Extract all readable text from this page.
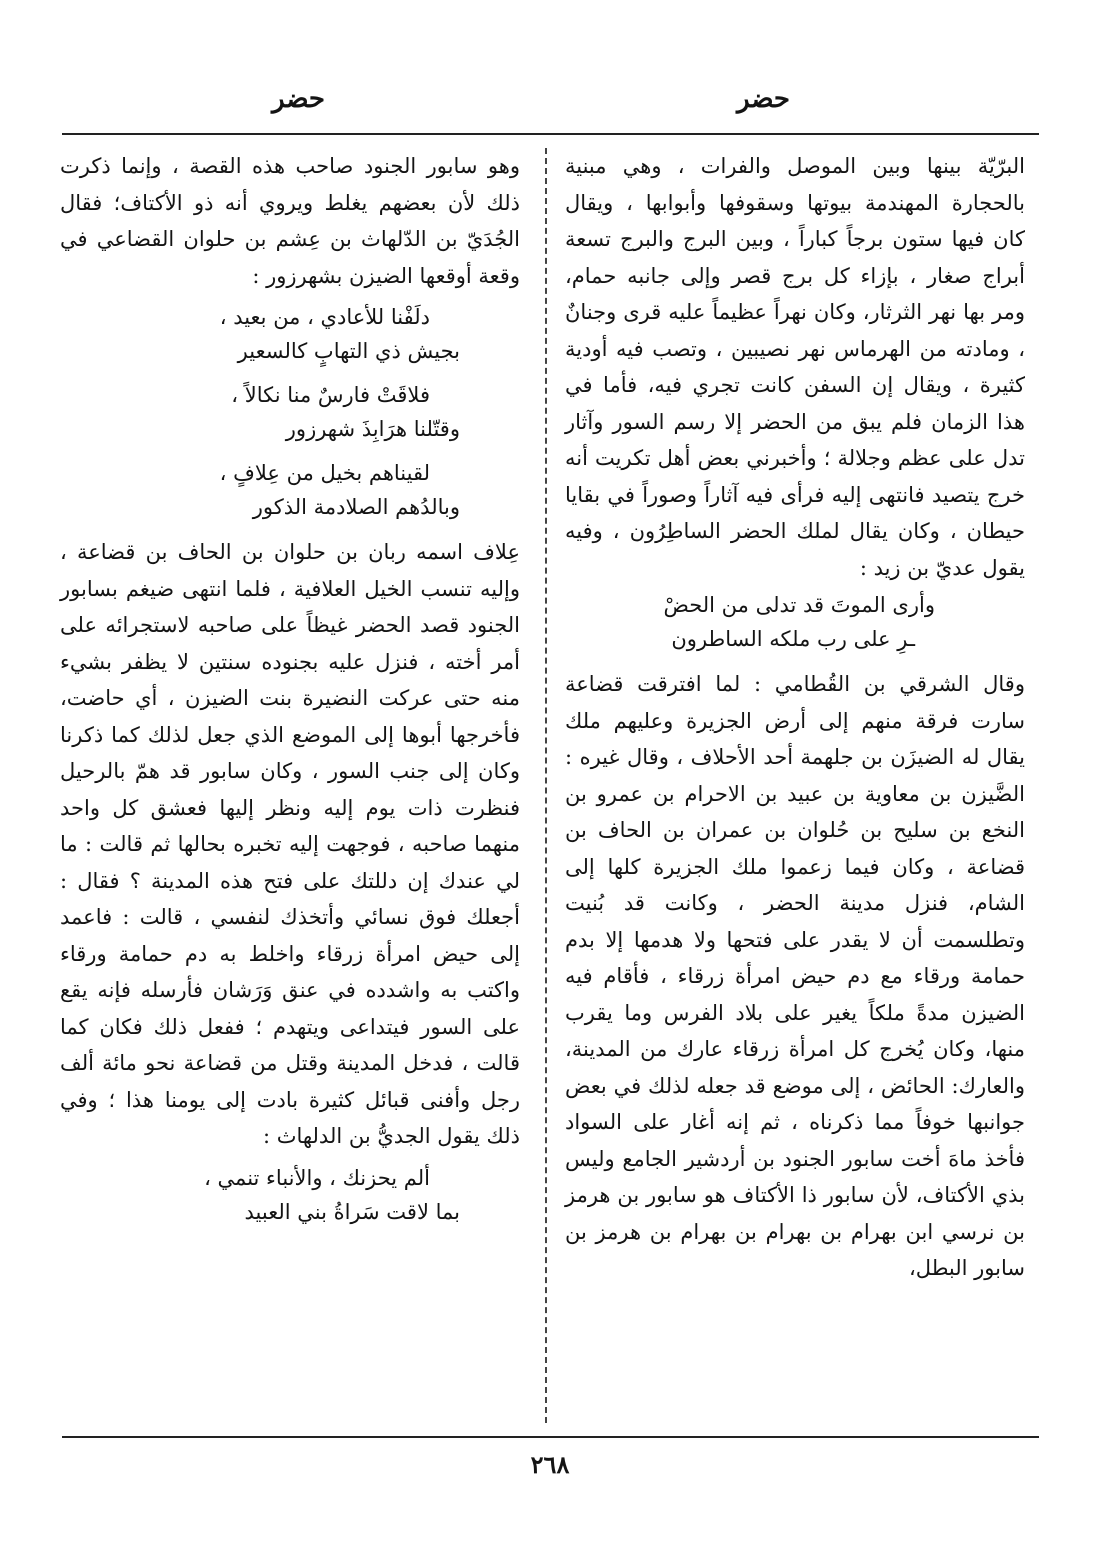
حضر
حضر

البرّيّة بينها وبين الموصل والفرات ، وهي مبنية بالحجارة المهندمة بيوتها وسقوفها وأبوابها ، ويقال كان فيها ستون برجاً كباراً ، وبين البرج والبرج تسعة أبراج صغار ، بإزاء كل برج قصر وإلى جانبه حمام، ومر بها نهر الثرثار، وكان نهراً عظيماً عليه قرى وجنانٌ ، ومادته من الهرماس نهر نصيبين ، وتصب فيه أودية كثيرة ، ويقال إن السفن كانت تجري فيه، فأما في هذا الزمان فلم يبق من الحضر إلا رسم السور وآثار تدل على عظم وجلالة ؛ وأخبرني بعض أهل تكريت أنه خرج يتصيد فانتهى إليه فرأى فيه آثاراً وصوراً في بقايا حيطان ، وكان يقال لملك الحضر الساطِرُون ، وفيه يقول عديّ بن زيد :

وأرى الموتَ قد تدلى من الحضْ
ـرِ على رب ملكه الساطرون

وقال الشرقي بن القُطامي : لما افترقت قضاعة سارت فرقة منهم إلى أرض الجزيرة وعليهم ملك يقال له الضيزَن بن جلهمة أحد الأحلاف ، وقال غيره : الضَّيزن بن معاوية بن عبيد بن الاحرام بن عمرو بن النخع بن سليح بن حُلوان بن عمران بن الحاف بن قضاعة ، وكان فيما زعموا ملك الجزيرة كلها إلى الشام، فنزل مدينة الحضر ، وكانت قد بُنيت وتطلسمت أن لا يقدر على فتحها ولا هدمها إلا بدم حمامة ورقاء مع دم حيض امرأة زرقاء ، فأقام فيه الضيزن مدةً ملكاً يغير على بلاد الفرس وما يقرب منها، وكان يُخرج كل امرأة زرقاء عارك من المدينة، والعارك: الحائض ، إلى موضع قد جعله لذلك في بعض جوانبها خوفاً مما ذكرناه ، ثم إنه أغار على السواد فأخذ ماهَ أخت سابور الجنود بن أردشير الجامع وليس بذي الأكتاف، لأن سابور ذا الأكتاف هو سابور بن هرمز بن نرسي ابن بهرام بن بهرام بن بهرام بن هرمز بن سابور البطل،

وهو سابور الجنود صاحب هذه القصة ، وإنما ذكرت ذلك لأن بعضهم يغلط ويروي أنه ذو الأكتاف؛ فقال الجُدَيّ بن الدّلهاث بن عِشم بن حلوان القضاعي في وقعة أوقعها الضيزن بشهرزور :

دلَفْنا للأعادي ، من بعيد ،
بجيش ذي التهابٍ كالسعير
فلاقَتْ فارسٌ منا نكالاً ،
وقتّلنا هرَابِذَ شهرزور
لقيناهم بخيل من عِلافٍ ،
وبالدُهم الصلادمة الذكور

عِلاف اسمه ربان بن حلوان بن الحاف بن قضاعة ، وإليه تنسب الخيل العلافية ، فلما انتهى ضيغم بسابور الجنود قصد الحضر غيظاً على صاحبه لاستجرائه على أمر أخته ، فنزل عليه بجنوده سنتين لا يظفر بشيء منه حتى عركت النضيرة بنت الضيزن ، أي حاضت، فأخرجها أبوها إلى الموضع الذي جعل لذلك كما ذكرنا وكان إلى جنب السور ، وكان سابور قد همّ بالرحيل فنظرت ذات يوم إليه ونظر إليها فعشق كل واحد منهما صاحبه ، فوجهت إليه تخبره بحالها ثم قالت : ما لي عندك إن دللتك على فتح هذه المدينة ؟ فقال : أجعلك فوق نسائي وأتخذك لنفسي ، قالت : فاعمد إلى حيض امرأة زرقاء واخلط به دم حمامة ورقاء واكتب به واشدده في عنق وَرَشان فأرسله فإنه يقع على السور فيتداعى ويتهدم ؛ ففعل ذلك فكان كما قالت ، فدخل المدينة وقتل من قضاعة نحو مائة ألف رجل وأفنى قبائل كثيرة بادت إلى يومنا هذا ؛ وفي ذلك يقول الجديُّ بن الدلهاث :

ألم يحزنك ، والأنباء تنمي ،
بما لاقت سَراةُ بني العبيد
٢٦٨
